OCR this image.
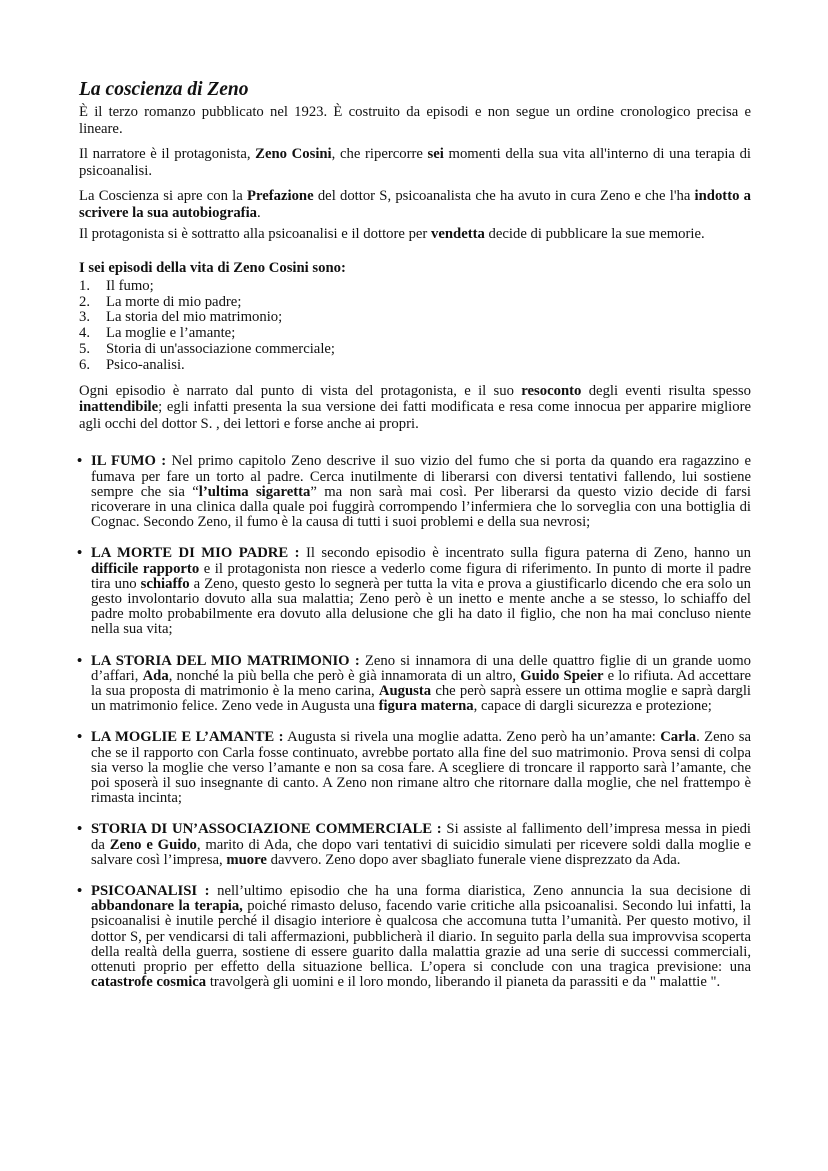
La coscienza di Zeno

È il terzo romanzo pubblicato nel 1923. È costruito da episodi e non segue un ordine cronologico precisa e lineare.

Il narratore è il protagonista, Zeno Cosini, che ripercorre sei momenti della sua vita all'interno di una terapia di psicoanalisi.

La Coscienza si apre con la Prefazione del dottor S, psicoanalista che ha avuto in cura Zeno e che l'ha indotto a scrivere la sua autobiografia.

Il protagonista si è sottratto alla psicoanalisi e il dottore per vendetta decide di pubblicare la sue memorie.

I sei episodi della vita di Zeno Cosini sono:

1.	Il fumo;
2.	La morte di mio padre;
3.	La storia del mio matrimonio;
4.	La moglie e l’amante;
5.	Storia di un'associazione commerciale;
6.	Psico-analisi.

Ogni episodio è narrato dal punto di vista del protagonista, e il suo resoconto degli eventi risulta spesso inattendibile; egli infatti presenta la sua versione dei fatti modificata e resa come innocua per apparire migliore agli occhi del dottor S. , dei lettori e forse anche ai propri.

• IL FUMO : Nel primo capitolo Zeno descrive il suo vizio del fumo che si porta da quando era ragazzino e fumava per fare un torto al padre. Cerca inutilmente di liberarsi con diversi tentativi fallendo, lui sostiene sempre che sia “l’ultima sigaretta” ma non sarà mai così. Per liberarsi da questo vizio decide di farsi ricoverare in una clinica dalla quale poi fuggirà corrompendo l’infermiera che lo sorveglia con una bottiglia di Cognac. Secondo Zeno, il fumo è la causa di tutti i suoi problemi e della sua nevrosi;
• LA MORTE DI MIO PADRE : Il secondo episodio è incentrato sulla figura paterna di Zeno, hanno un difficile rapporto e il protagonista non riesce a vederlo come figura di riferimento. In punto di morte il padre tira uno schiaffo a Zeno, questo gesto lo segnerà per tutta la vita e prova a giustificarlo dicendo che era solo un gesto involontario dovuto alla sua malattia; Zeno però è un inetto e mente anche a se stesso, lo schiaffo del padre molto probabilmente era dovuto alla delusione che gli ha dato il figlio, che non ha mai concluso niente nella sua vita;
• LA STORIA DEL MIO MATRIMONIO : Zeno si innamora di una delle quattro figlie di un grande uomo d’affari, Ada, nonché la più bella che però è già innamorata di un altro, Guido Speier e lo rifiuta. Ad accettare la sua proposta di matrimonio è la meno carina, Augusta che però saprà essere un ottima moglie e saprà dargli un matrimonio felice. Zeno vede in Augusta una figura materna, capace di dargli sicurezza e protezione;
• LA MOGLIE E L’AMANTE : Augusta si rivela una moglie adatta. Zeno però ha un’amante: Carla. Zeno sa che se il rapporto con Carla fosse continuato, avrebbe portato alla fine del suo matrimonio. Prova sensi di colpa sia verso la moglie che verso l’amante e non sa cosa fare. A scegliere di troncare il rapporto sarà l’amante, che poi sposerà il suo insegnante di canto. A Zeno non rimane altro che ritornare dalla moglie, che nel frattempo è rimasta incinta;
• STORIA DI UN’ASSOCIAZIONE COMMERCIALE : Si assiste al fallimento dell’impresa messa in piedi da Zeno e Guido, marito di Ada, che dopo vari tentativi di suicidio simulati per ricevere soldi dalla moglie e salvare così l’impresa, muore davvero. Zeno dopo aver sbagliato funerale viene disprezzato da Ada.
• PSICOANALISI : nell’ultimo episodio che ha una forma diaristica, Zeno annuncia la sua decisione di abbandonare la terapia, poiché rimasto deluso, facendo varie critiche alla psicoanalisi. Secondo lui infatti, la psicoanalisi è inutile perché il disagio interiore è qualcosa che accomuna tutta l’umanità. Per questo motivo, il dottor S, per vendicarsi di tali affermazioni, pubblicherà il diario. In seguito parla della sua improvvisa scoperta della realtà della guerra, sostiene di essere guarito dalla malattia grazie ad una serie di successi commerciali, ottenuti proprio per effetto della situazione bellica. L’opera si conclude con una tragica previsione: una catastrofe cosmica travolgerà gli uomini e il loro mondo, liberando il pianeta da parassiti e da " malattie ".
